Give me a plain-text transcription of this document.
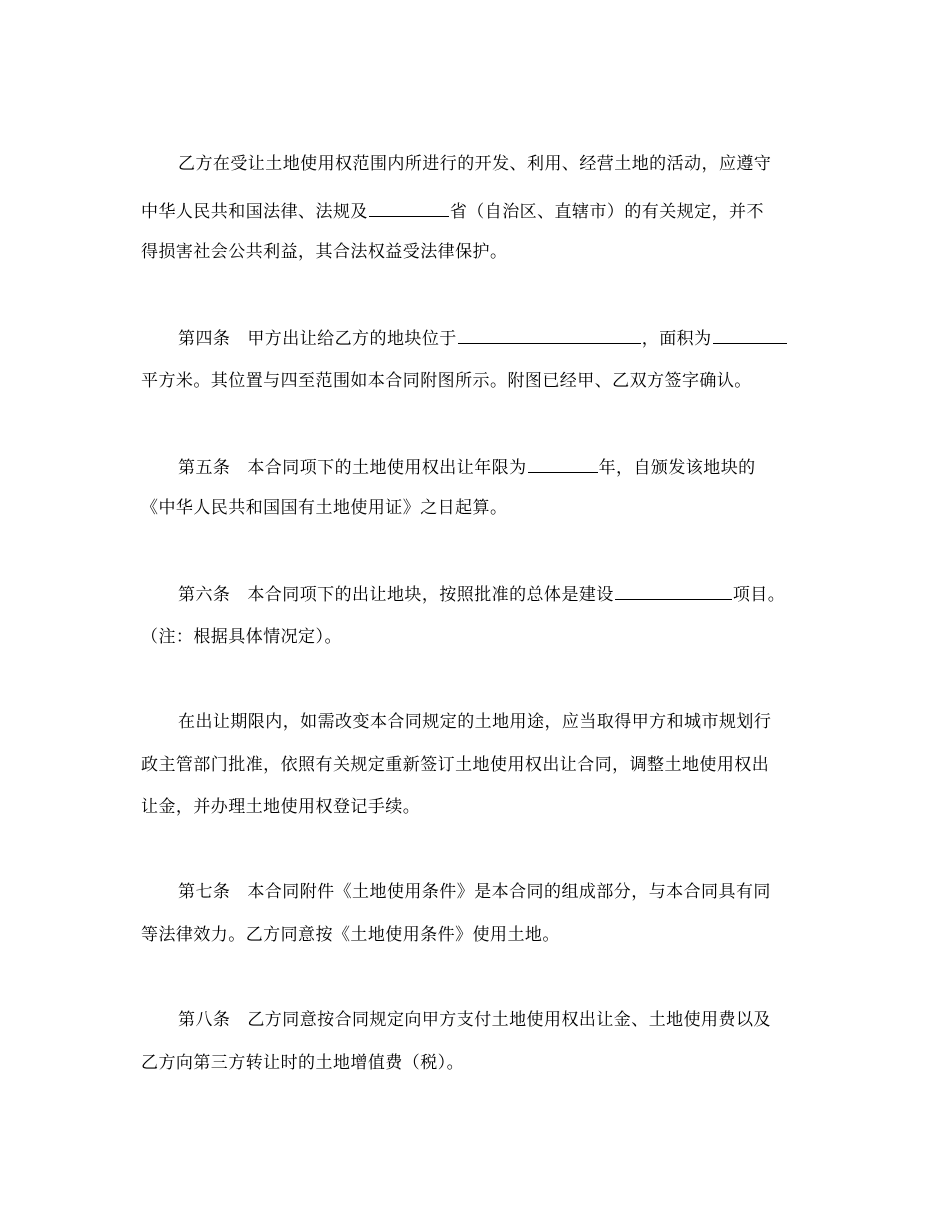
乙方在受让土地使用权范围内所进行的开发、利用、经营土地的活动，应遵守
中华人民共和国法律、法规及	省（自治区、直辖市）的有关规定，并不
得损害社会公共利益，其合法权益受法律保护。
第四条 甲方出让给乙方的地块位于	，面积为
平方米。其位置与四至范围如本合同附图所示。附图已经甲、乙双方签字确认。
第五条 本合同项下的土地使用权出让年限为	年，自颁发该地块的
《中华人民共和国国有土地使用证》之日起算。
第六条 本合同项下的出让地块，按照批准的总体是建设	项目。
（注：根据具体情况定）。
在出让期限内，如需改变本合同规定的土地用途，应当取得甲方和城市规划行
政主管部门批准，依照有关规定重新签订土地使用权出让合同，调整土地使用权出
让金，并办理土地使用权登记手续。
第七条 本合同附件《土地使用条件》是本合同的组成部分，与本合同具有同
等法律效力。乙方同意按《土地使用条件》使用土地。
第八条 乙方同意按合同规定向甲方支付土地使用权出让金、土地使用费以及
乙方向第三方转让时的土地增值费（税）。
